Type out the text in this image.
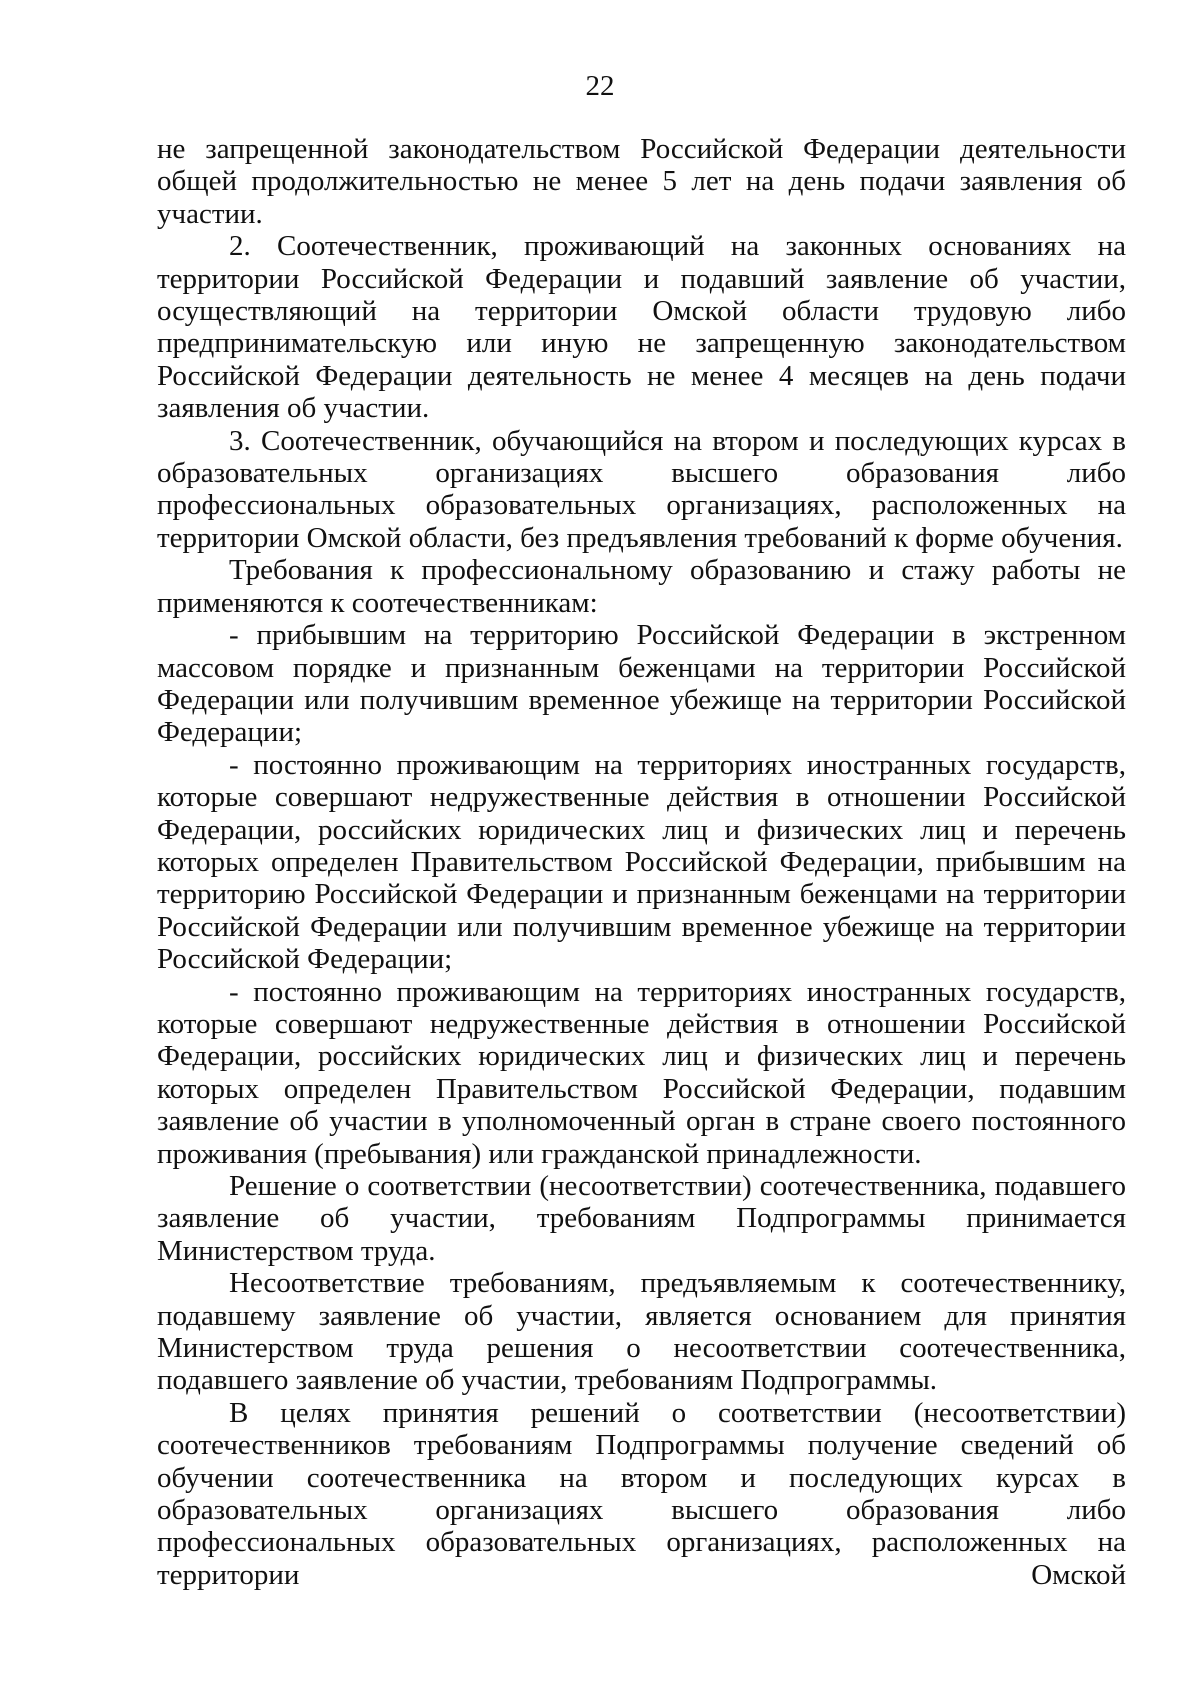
22

не запрещенной законодательством Российской Федерации деятельности общей продолжительностью не менее 5 лет на день подачи заявления об участии.

2. Соотечественник, проживающий на законных основаниях на территории Российской Федерации и подавший заявление об участии, осуществляющий на территории Омской области трудовую либо предпринимательскую или иную не запрещенную законодательством Российской Федерации деятельность не менее 4 месяцев на день подачи заявления об участии.

3. Соотечественник, обучающийся на втором и последующих курсах в образовательных организациях высшего образования либо профессиональных образовательных организациях, расположенных на территории Омской области, без предъявления требований к форме обучения.

Требования к профессиональному образованию и стажу работы не применяются к соотечественникам:

- прибывшим на территорию Российской Федерации в экстренном массовом порядке и признанным беженцами на территории Российской Федерации или получившим временное убежище на территории Российской Федерации;

- постоянно проживающим на территориях иностранных государств, которые совершают недружественные действия в отношении Российской Федерации, российских юридических лиц и физических лиц и перечень которых определен Правительством Российской Федерации, прибывшим на территорию Российской Федерации и признанным беженцами на территории Российской Федерации или получившим временное убежище на территории Российской Федерации;

- постоянно проживающим на территориях иностранных государств, которые совершают недружественные действия в отношении Российской Федерации, российских юридических лиц и физических лиц и перечень которых определен Правительством Российской Федерации, подавшим заявление об участии в уполномоченный орган в стране своего постоянного проживания (пребывания) или гражданской принадлежности.

Решение о соответствии (несоответствии) соотечественника, подавшего заявление об участии, требованиям Подпрограммы принимается Министерством труда.

Несоответствие требованиям, предъявляемым к соотечественнику, подавшему заявление об участии, является основанием для принятия Министерством труда решения о несоответствии соотечественника, подавшего заявление об участии, требованиям Подпрограммы.

В целях принятия решений о соответствии (несоответствии) соотечественников требованиям Подпрограммы получение сведений об обучении соотечественника на втором и последующих курсах в образовательных организациях высшего образования либо профессиональных образовательных организациях, расположенных на территории Омской
